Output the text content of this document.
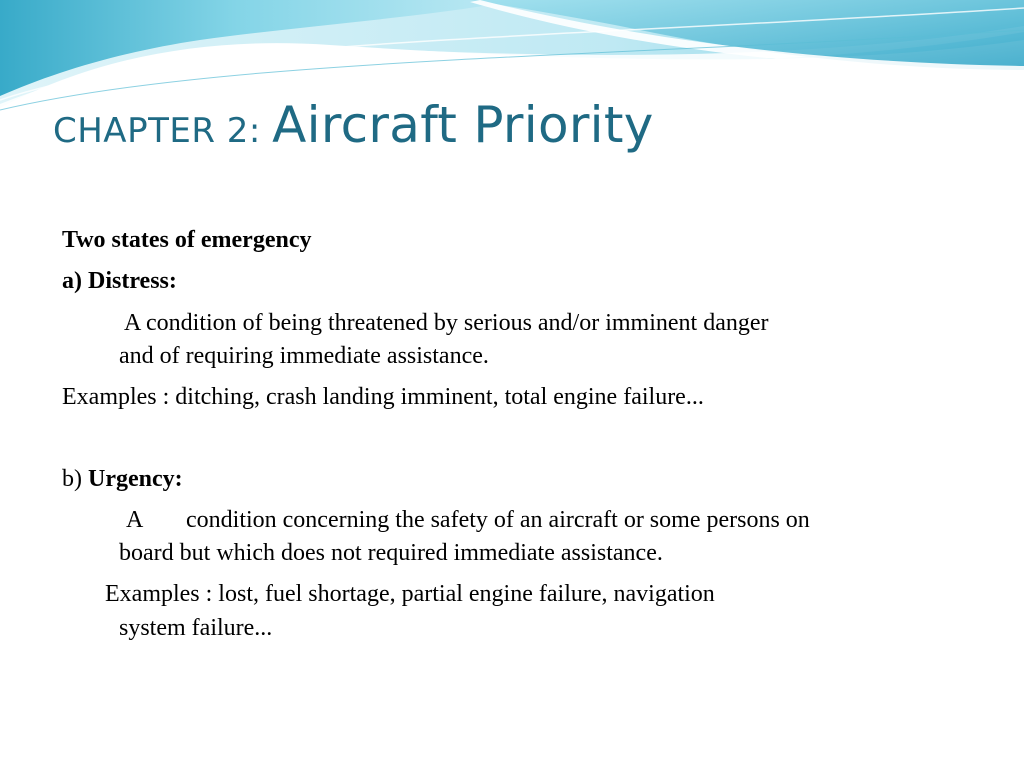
CHAPTER 2: Aircraft Priority

Two states of emergency

a) Distress:

A condition of being threatened by serious and/or imminent danger

and of requiring immediate assistance.

Examples : ditching, crash landing imminent, total engine failure...

b) Urgency:

A condition concerning the safety of an aircraft or some persons on

board but which does not required immediate assistance.

Examples : lost, fuel shortage, partial engine failure, navigation

system failure...
